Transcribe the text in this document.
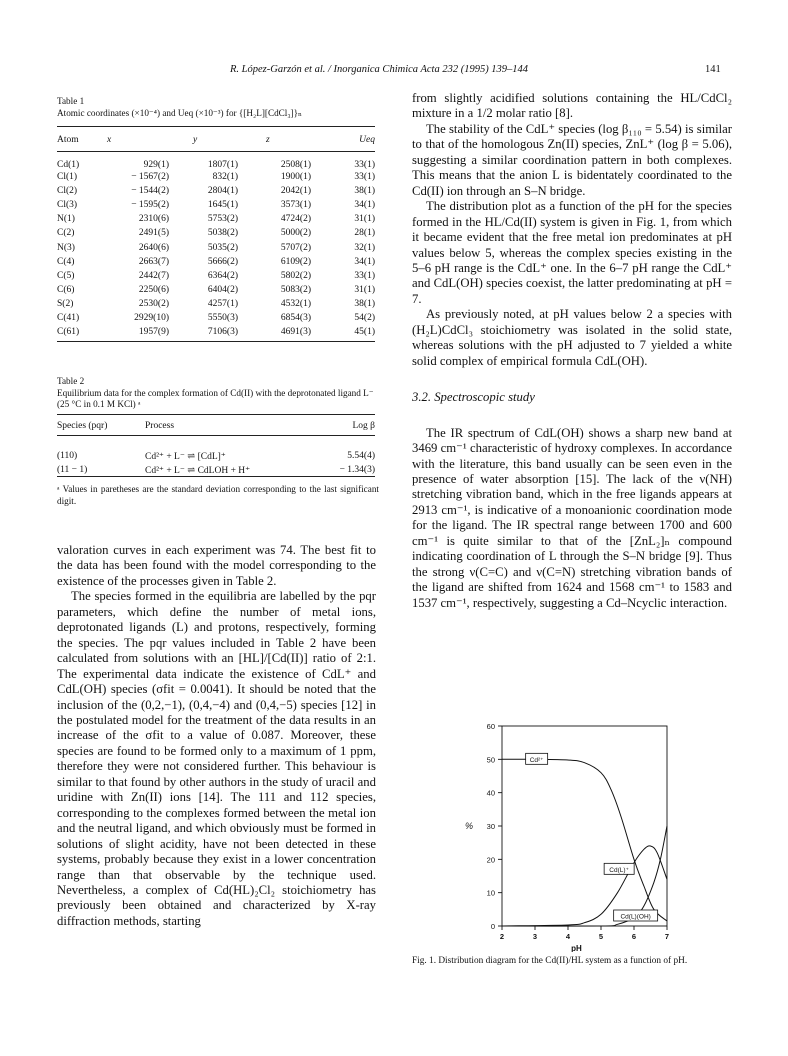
R. López-Garzón et al. / Inorganica Chimica Acta 232 (1995) 139–144	141
Table 1
Atomic coordinates (×10⁻⁴) and Ueq (×10⁻³) for {[H₂L][CdCl₃]}ₙ
Atom	x	y	z	Ueq
Cd(1)	929(1)	1807(1)	2508(1)	33(1)
Cl(1)	− 1567(2)	832(1)	1900(1)	33(1)
Cl(2)	− 1544(2)	2804(1)	2042(1)	38(1)
Cl(3)	− 1595(2)	1645(1)	3573(1)	34(1)
N(1)	2310(6)	5753(2)	4724(2)	31(1)
C(2)	2491(5)	5038(2)	5000(2)	28(1)
N(3)	2640(6)	5035(2)	5707(2)	32(1)
C(4)	2663(7)	5666(2)	6109(2)	34(1)
C(5)	2442(7)	6364(2)	5802(2)	33(1)
C(6)	2250(6)	6404(2)	5083(2)	31(1)
S(2)	2530(2)	4257(1)	4532(1)	38(1)
C(41)	2929(10)	5550(3)	6854(3)	54(2)
C(61)	1957(9)	7106(3)	4691(3)	45(1)
Table 2
Equilibrium data for the complex formation of Cd(II) with the deprotonated ligand L⁻ (25 °C in 0.1 M KCl) ᵃ
Species (pqr)	Process	Log β

(110)	Cd²⁺ + L⁻ ⇌ [CdL]⁺	5.54(4)
(11 − 1)	Cd²⁺ + L⁻ ⇌ CdLOH + H⁺	− 1.34(3)
ᵃ Values in paretheses are the standard deviation corresponding to the last significant digit.

valoration curves in each experiment was 74. The best fit to the data has been found with the model corresponding to the existence of the processes given in Table 2.

The species formed in the equilibria are labelled by the pqr parameters, which define the number of metal ions, deprotonated ligands (L) and protons, respectively, forming the species. The pqr values included in Table 2 have been calculated from solutions with an [HL]/[Cd(II)] ratio of 2:1. The experimental data indicate the existence of CdL⁺ and CdL(OH) species (σfit = 0.0041). It should be noted that the inclusion of the (0,2,−1), (0,4,−4) and (0,4,−5) species [12] in the postulated model for the treatment of the data results in an increase of the σfit to a value of 0.087. Moreover, these species are found to be formed only to a maximum of 1 ppm, therefore they were not considered further. This behaviour is similar to that found by other authors in the study of uracil and uridine with Zn(II) ions [14]. The 111 and 112 species, corresponding to the complexes formed between the metal ion and the neutral ligand, and which obviously must be formed in solutions of slight acidity, have not been detected in these systems, probably because they exist in a lower concentration range than that observable by the technique used. Nevertheless, a complex of Cd(HL)₂Cl₂ stoichiometry has previously been obtained and characterized by X-ray diffraction methods, starting

from slightly acidified solutions containing the HL/CdCl₂ mixture in a 1/2 molar ratio [8].

The stability of the CdL⁺ species (log β₁₁₀ = 5.54) is similar to that of the homologous Zn(II) species, ZnL⁺ (log β = 5.06), suggesting a similar coordination pattern in both complexes. This means that the anion L is bidentately coordinated to the Cd(II) ion through an S–N bridge.

The distribution plot as a function of the pH for the species formed in the HL/Cd(II) system is given in Fig. 1, from which it became evident that the free metal ion predominates at pH values below 5, whereas the complex species existing in the 5–6 pH range is the CdL⁺ one. In the 6–7 pH range the CdL⁺ and CdL(OH) species coexist, the latter predominating at pH = 7.

As previously noted, at pH values below 2 a species with (H₂L)CdCl₃ stoichiometry was isolated in the solid state, whereas solutions with the pH adjusted to 7 yielded a white solid complex of empirical formula CdL(OH).

3.2. Spectroscopic study

The IR spectrum of CdL(OH) shows a sharp new band at 3469 cm⁻¹ characteristic of hydroxy complexes. In accordance with the literature, this band usually can be seen even in the presence of water absorption [15]. The lack of the ν(NH) stretching vibration band, which in the free ligands appears at 2913 cm⁻¹, is indicative of a monoanionic coordination mode for the ligand. The IR spectral range between 1700 and 600 cm⁻¹ is quite similar to that of the [ZnL₂]ₙ compound indicating coordination of L through the S–N bridge [9]. Thus the strong ν(C=C) and ν(C=N) stretching vibration bands of the ligand are shifted from 1624 and 1568 cm⁻¹ to 1583 and 1537 cm⁻¹, respectively, suggesting a Cd–Ncyclic interaction.

0
10
20
30
40
50
60
2	3	4	5	6	7
pH
%
Cd²⁺
Cd(L)⁺
Cd(L)(OH)
Fig. 1. Distribution diagram for the Cd(II)/HL system as a function of pH.
